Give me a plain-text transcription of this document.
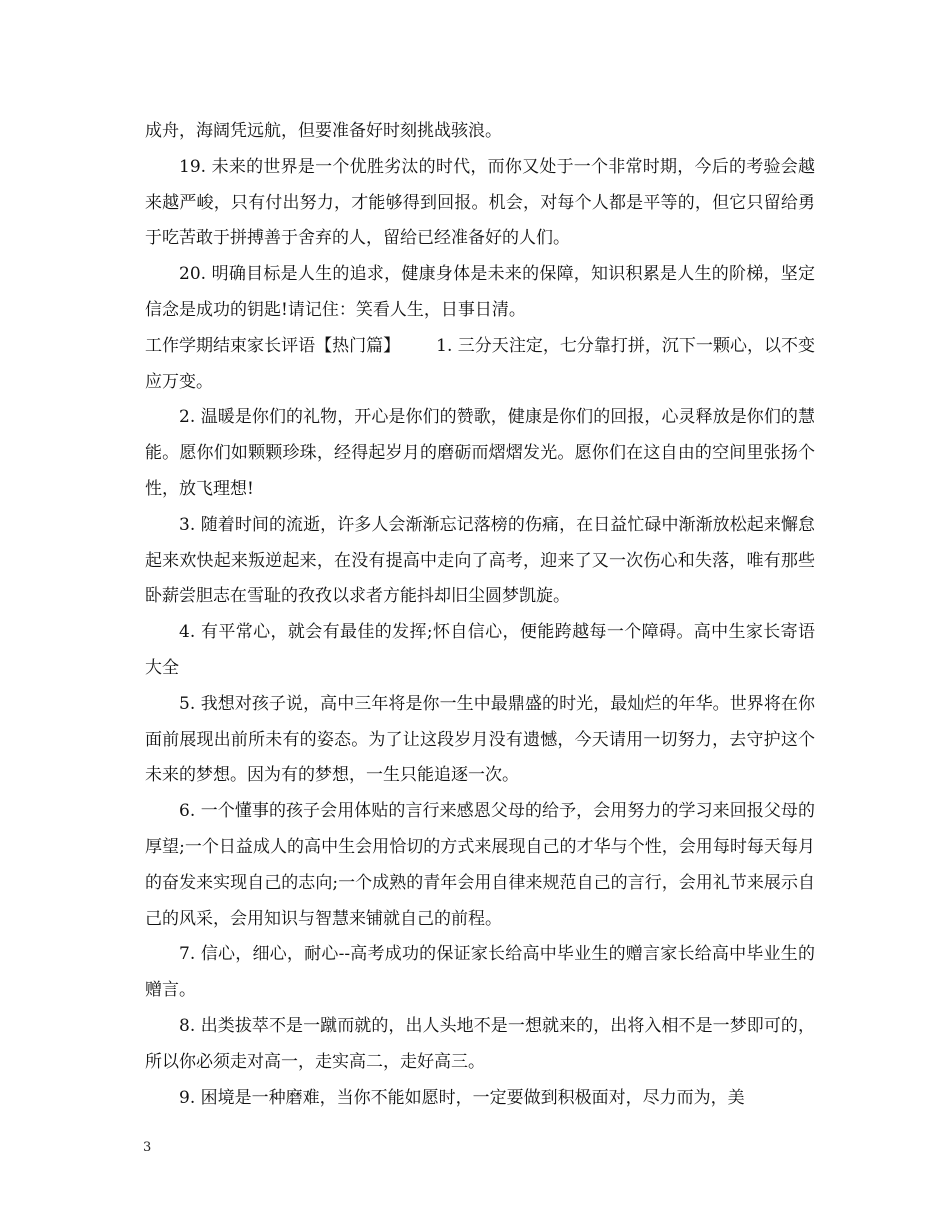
成舟，海阔凭远航，但要准备好时刻挑战骇浪。

19. 未来的世界是一个优胜劣汰的时代，而你又处于一个非常时期，今后的考验会越来越严峻，只有付出努力，才能够得到回报。机会，对每个人都是平等的，但它只留给勇于吃苦敢于拼搏善于舍弃的人，留给已经准备好的人们。

20. 明确目标是人生的追求，健康身体是未来的保障，知识积累是人生的阶梯，坚定信念是成功的钥匙!请记住：笑看人生，日事日清。

工作学期结束家长评语【热门篇】 1. 三分天注定，七分靠打拼，沉下一颗心，以不变应万变。

2. 温暖是你们的礼物，开心是你们的赞歌，健康是你们的回报，心灵释放是你们的慧能。愿你们如颗颗珍珠，经得起岁月的磨砺而熠熠发光。愿你们在这自由的空间里张扬个性，放飞理想!

3. 随着时间的流逝，许多人会渐渐忘记落榜的伤痛，在日益忙碌中渐渐放松起来懈怠起来欢快起来叛逆起来，在没有提高中走向了高考，迎来了又一次伤心和失落，唯有那些卧薪尝胆志在雪耻的孜孜以求者方能抖却旧尘圆梦凯旋。

4. 有平常心，就会有最佳的发挥;怀自信心，便能跨越每一个障碍。高中生家长寄语大全

5. 我想对孩子说，高中三年将是你一生中最鼎盛的时光，最灿烂的年华。世界将在你面前展现出前所未有的姿态。为了让这段岁月没有遗憾，今天请用一切努力，去守护这个未来的梦想。因为有的梦想，一生只能追逐一次。

6. 一个懂事的孩子会用体贴的言行来感恩父母的给予，会用努力的学习来回报父母的厚望;一个日益成人的高中生会用恰切的方式来展现自己的才华与个性，会用每时每天每月的奋发来实现自己的志向;一个成熟的青年会用自律来规范自己的言行，会用礼节来展示自己的风采，会用知识与智慧来铺就自己的前程。

7. 信心，细心，耐心--高考成功的保证家长给高中毕业生的赠言家长给高中毕业生的赠言。

8. 出类拔萃不是一蹴而就的，出人头地不是一想就来的，出将入相不是一梦即可的，所以你必须走对高一，走实高二，走好高三。

9. 困境是一种磨难，当你不能如愿时，一定要做到积极面对，尽力而为，美

3
